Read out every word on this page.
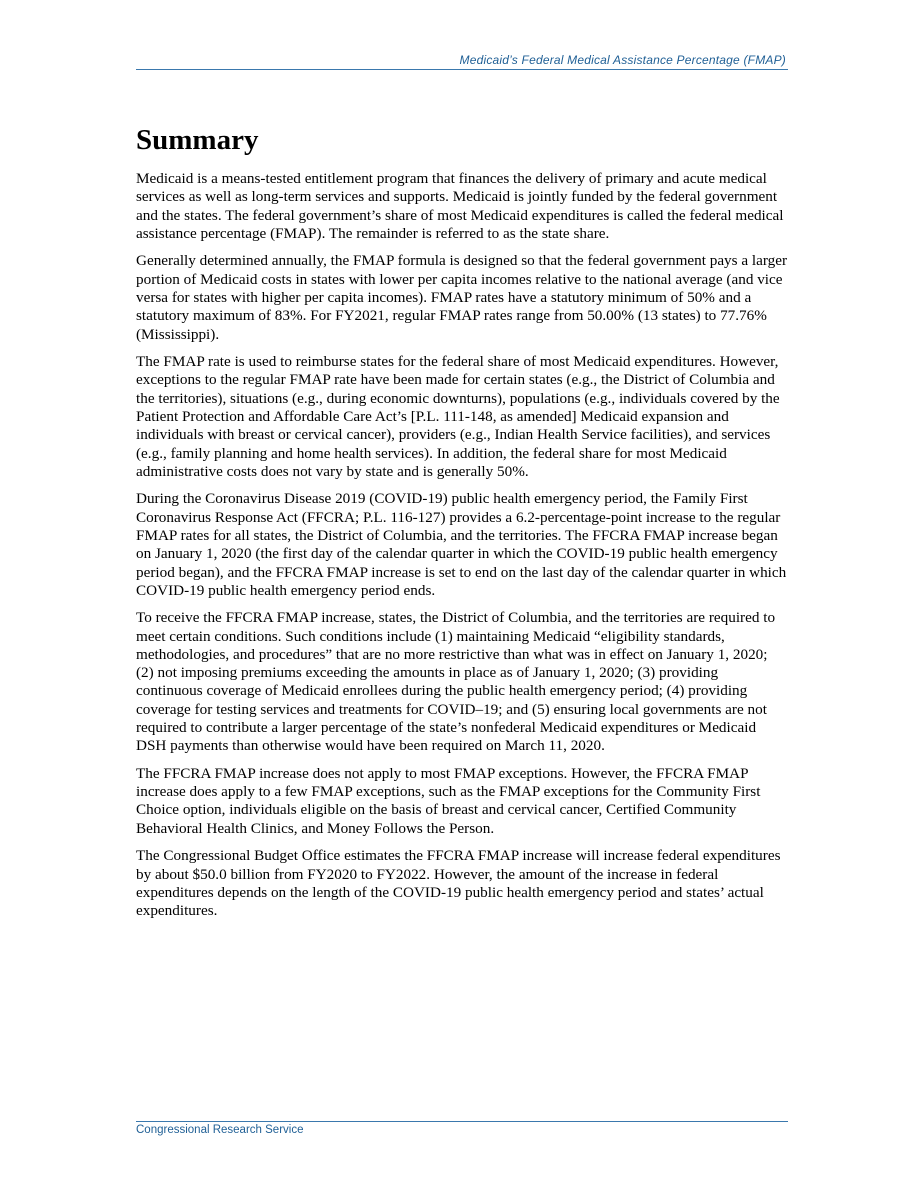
Medicaid’s Federal Medical Assistance Percentage (FMAP)
Summary

Medicaid is a means-tested entitlement program that finances the delivery of primary and acute medical services as well as long-term services and supports. Medicaid is jointly funded by the federal government and the states. The federal government’s share of most Medicaid expenditures is called the federal medical assistance percentage (FMAP). The remainder is referred to as the state share.

Generally determined annually, the FMAP formula is designed so that the federal government pays a larger portion of Medicaid costs in states with lower per capita incomes relative to the national average (and vice versa for states with higher per capita incomes). FMAP rates have a statutory minimum of 50% and a statutory maximum of 83%. For FY2021, regular FMAP rates range from 50.00% (13 states) to 77.76% (Mississippi).

The FMAP rate is used to reimburse states for the federal share of most Medicaid expenditures. However, exceptions to the regular FMAP rate have been made for certain states (e.g., the District of Columbia and the territories), situations (e.g., during economic downturns), populations (e.g., individuals covered by the Patient Protection and Affordable Care Act’s [P.L. 111-148, as amended] Medicaid expansion and individuals with breast or cervical cancer), providers (e.g., Indian Health Service facilities), and services (e.g., family planning and home health services). In addition, the federal share for most Medicaid administrative costs does not vary by state and is generally 50%.

During the Coronavirus Disease 2019 (COVID-19) public health emergency period, the Family First Coronavirus Response Act (FFCRA; P.L. 116-127) provides a 6.2-percentage-point increase to the regular FMAP rates for all states, the District of Columbia, and the territories. The FFCRA FMAP increase began on January 1, 2020 (the first day of the calendar quarter in which the COVID-19 public health emergency period began), and the FFCRA FMAP increase is set to end on the last day of the calendar quarter in which COVID-19 public health emergency period ends.

To receive the FFCRA FMAP increase, states, the District of Columbia, and the territories are required to meet certain conditions. Such conditions include (1) maintaining Medicaid “eligibility standards, methodologies, and procedures” that are no more restrictive than what was in effect on January 1, 2020; (2) not imposing premiums exceeding the amounts in place as of January 1, 2020; (3) providing continuous coverage of Medicaid enrollees during the public health emergency period; (4) providing coverage for testing services and treatments for COVID–19; and (5) ensuring local governments are not required to contribute a larger percentage of the state’s nonfederal Medicaid expenditures or Medicaid DSH payments than otherwise would have been required on March 11, 2020.

The FFCRA FMAP increase does not apply to most FMAP exceptions. However, the FFCRA FMAP increase does apply to a few FMAP exceptions, such as the FMAP exceptions for the Community First Choice option, individuals eligible on the basis of breast and cervical cancer, Certified Community Behavioral Health Clinics, and Money Follows the Person.

The Congressional Budget Office estimates the FFCRA FMAP increase will increase federal expenditures by about $50.0 billion from FY2020 to FY2022. However, the amount of the increase in federal expenditures depends on the length of the COVID-19 public health emergency period and states’ actual expenditures.

Congressional Research Service
